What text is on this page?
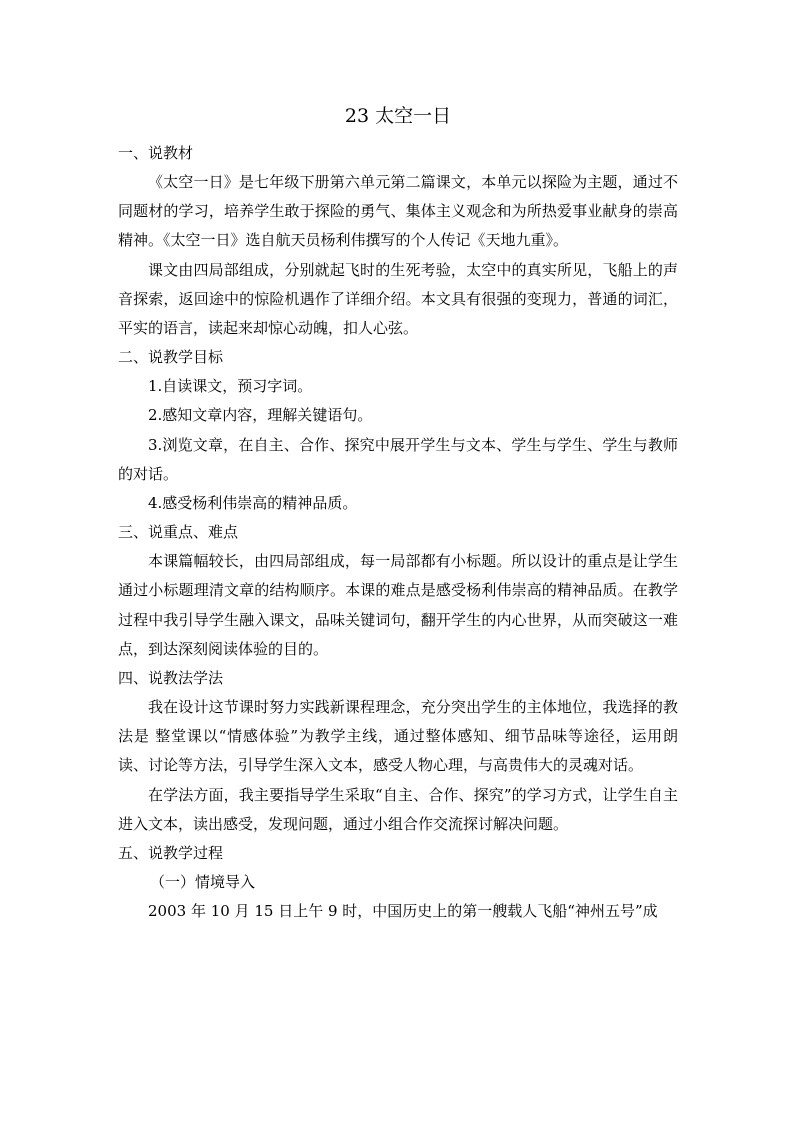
23 太空一日

一、说教材

《太空一日》是七年级下册第六单元第二篇课文，本单元以探险为主题，通过不同题材的学习，培养学生敢于探险的勇气、集体主义观念和为所热爱事业献身的崇高精神。《太空一日》选自航天员杨利伟撰写的个人传记《天地九重》。

课文由四局部组成，分别就起飞时的生死考验，太空中的真实所见，飞船上的声音探索，返回途中的惊险机遇作了详细介绍。本文具有很强的变现力，普通的词汇，平实的语言，读起来却惊心动魄，扣人心弦。

二、说教学目标

1.自读课文，预习字词。

2.感知文章内容，理解关键语句。

3.浏览文章，在自主、合作、探究中展开学生与文本、学生与学生、学生与教师的对话。

4.感受杨利伟崇高的精神品质。

三、说重点、难点

本课篇幅较长，由四局部组成，每一局部都有小标题。所以设计的重点是让学生通过小标题理清文章的结构顺序。本课的难点是感受杨利伟崇高的精神品质。在教学过程中我引导学生融入课文，品味关键词句，翻开学生的内心世界，从而突破这一难点，到达深刻阅读体验的目的。

四、说教法学法

我在设计这节课时努力实践新课程理念，充分突出学生的主体地位，我选择的教法是 整堂课以“情感体验”为教学主线，通过整体感知、细节品味等途径，运用朗读、讨论等方法，引导学生深入文本，感受人物心理，与高贵伟大的灵魂对话。

在学法方面，我主要指导学生采取“自主、合作、探究”的学习方式，让学生自主进入文本，读出感受，发现问题，通过小组合作交流探讨解决问题。

五、说教学过程

（一）情境导入

2003 年 10 月 15 日上午 9 时，中国历史上的第一艘载人飞船“神州五号”成
